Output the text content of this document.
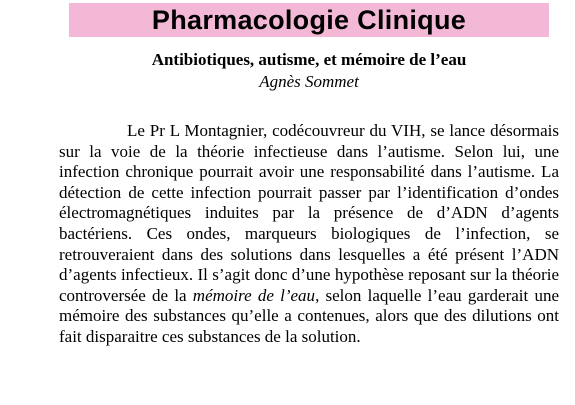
Pharmacologie Clinique
Antibiotiques, autisme, et mémoire de l’eau
Agnès Sommet

Le Pr L Montagnier, codécouvreur du VIH, se lance désormais sur la voie de la théorie infectieuse dans l’autisme. Selon lui, une infection chronique pourrait avoir une responsabilité dans l’autisme. La détection de cette infection pourrait passer par l’identification d’ondes électromagnétiques induites par la présence de d’ADN d’agents bactériens. Ces ondes, marqueurs biologiques de l’infection, se retrouveraient dans des solutions dans lesquelles a été présent l’ADN d’agents infectieux. Il s’agit donc d’une hypothèse reposant sur la théorie controversée de la mémoire de l’eau, selon laquelle l’eau garderait une mémoire des substances qu’elle a contenues, alors que des dilutions ont fait disparaitre ces substances de la solution.
